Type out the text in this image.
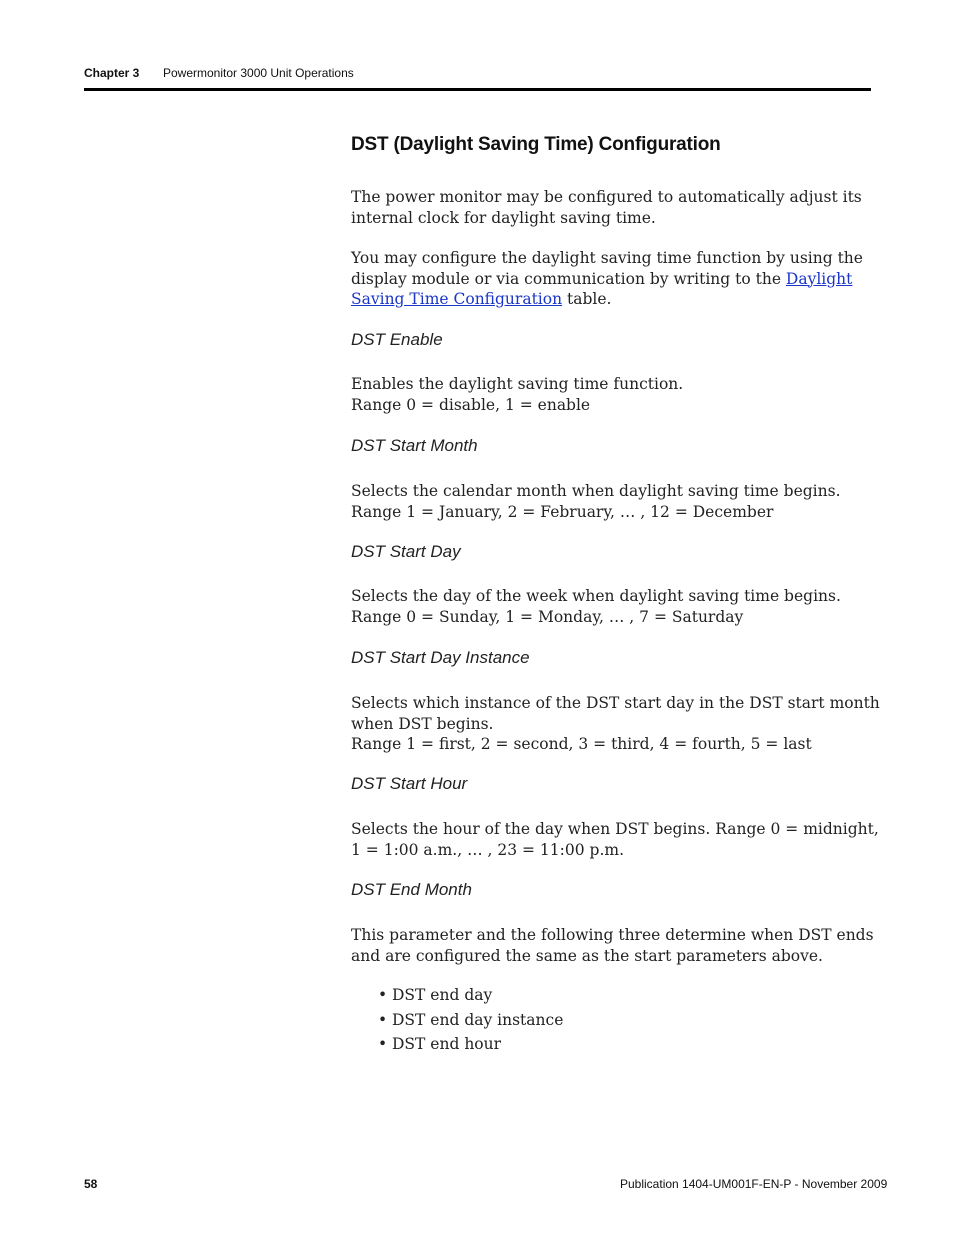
Chapter 3 Powermonitor 3000 Unit Operations
DST (Daylight Saving Time) Configuration
The power monitor may be configured to automatically adjust its
internal clock for daylight saving time.
You may configure the daylight saving time function by using the
display module or via communication by writing to the Daylight
Saving Time Configuration table.
DST Enable
Enables the daylight saving time function.
Range 0 = disable, 1 = enable
DST Start Month
Selects the calendar month when daylight saving time begins.
Range 1 = January, 2 = February, … , 12 = December
DST Start Day
Selects the day of the week when daylight saving time begins.
Range 0 = Sunday, 1 = Monday, … , 7 = Saturday
DST Start Day Instance
Selects which instance of the DST start day in the DST start month
when DST begins.
Range 1 = first, 2 = second, 3 = third, 4 = fourth, 5 = last
DST Start Hour
Selects the hour of the day when DST begins. Range 0 = midnight,
1 = 1:00 a.m., … , 23 = 11:00 p.m.
DST End Month
This parameter and the following three determine when DST ends
and are configured the same as the start parameters above.
• DST end day
• DST end day instance
• DST end hour
58	Publication 1404-UM001F-EN-P - November 2009
